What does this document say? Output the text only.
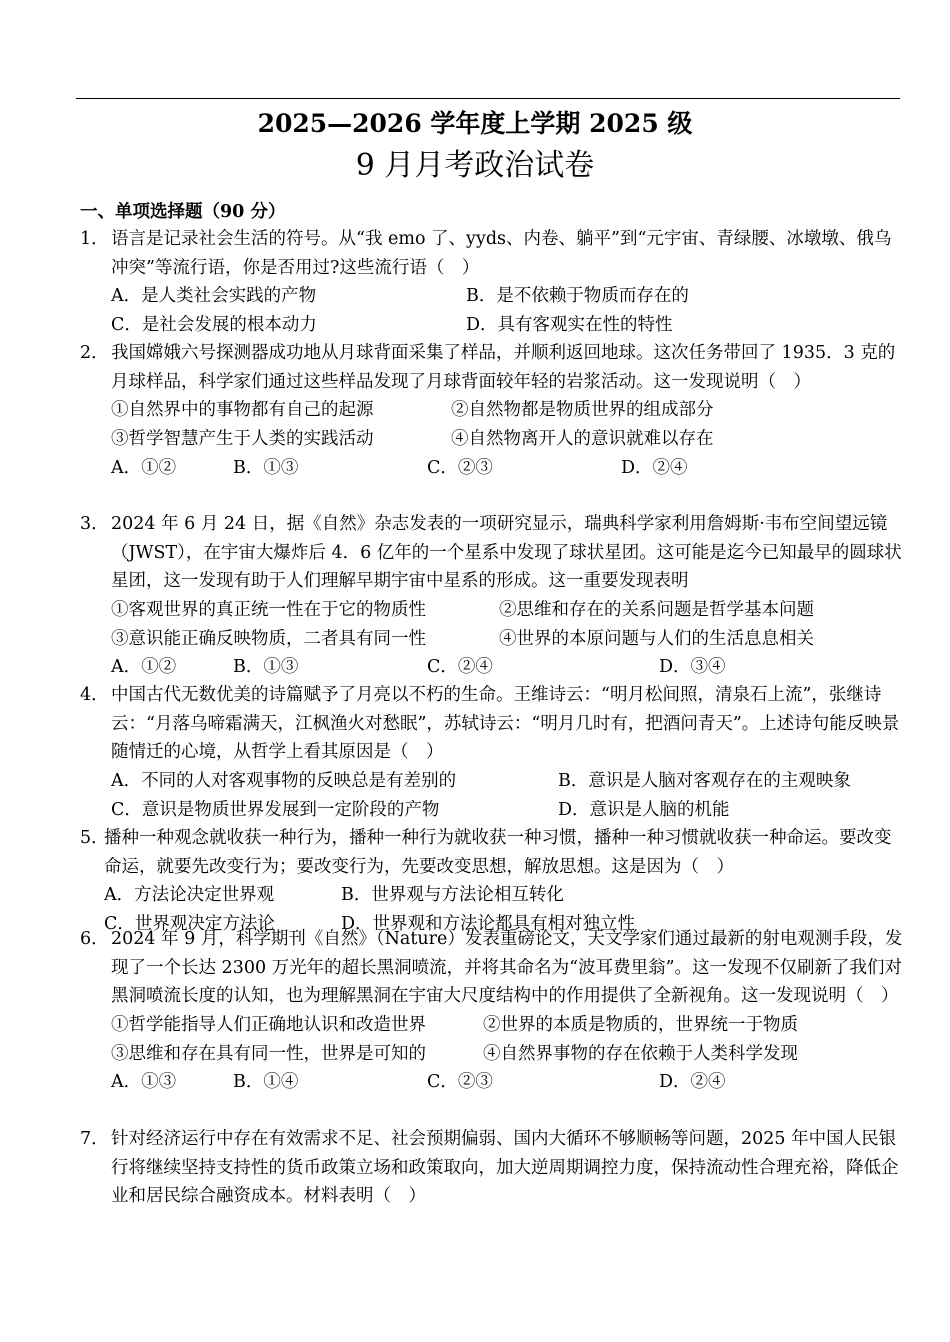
2025—2026 学年度上学期 2025 级
9 月月考政治试卷
一、单项选择题（90 分）
1． 语言是记录社会生活的符号。从“我 emo 了、yyds、内卷、躺平”到“元宇宙、青绿腰、冰墩墩、俄乌冲突”等流行语，你是否用过?这些流行语（　）
A．是人类社会实践的产物	B．是不依赖于物质而存在的
C．是社会发展的根本动力	D．具有客观实在性的特性
2． 我国嫦娥六号探测器成功地从月球背面采集了样品，并顺利返回地球。这次任务带回了 1935．3 克的月球样品，科学家们通过这些样品发现了月球背面较年轻的岩浆活动。这一发现说明（　）
①自然界中的事物都有自己的起源	②自然物都是物质世界的组成部分
③哲学智慧产生于人类的实践活动	④自然物离开人的意识就难以存在
A．①②	B．①③	C．②③	D．②④
3． 2024 年 6 月 24 日，据《自然》杂志发表的一项研究显示，瑞典科学家利用詹姆斯·韦布空间望远镜（JWST），在宇宙大爆炸后 4．6 亿年的一个星系中发现了球状星团。这可能是迄今已知最早的圆球状星团，这一发现有助于人们理解早期宇宙中星系的形成。这一重要发现表明
①客观世界的真正统一性在于它的物质性	②思维和存在的关系问题是哲学基本问题
③意识能正确反映物质，二者具有同一性	④世界的本原问题与人们的生活息息相关
A．①②	B．①③	C．②④	D．③④
4． 中国古代无数优美的诗篇赋予了月亮以不朽的生命。王维诗云：“明月松间照，清泉石上流”，张继诗云：“月落乌啼霜满天，江枫渔火对愁眠”，苏轼诗云：“明月几时有，把酒问青天”。上述诗句能反映景随情迁的心境，从哲学上看其原因是（　）
A．不同的人对客观事物的反映总是有差别的	B．意识是人脑对客观存在的主观映象
C．意识是物质世界发展到一定阶段的产物	D．意识是人脑的机能
5．
播种一种观念就收获一种行为，播种一种行为就收获一种习惯，播种一种习惯就收获一种命运。要改变命运，就要先改变行为；要改变行为，先要改变思想，解放思想。这是因为（　）
A．方法论决定世界观	B．世界观与方法论相互转化
C．世界观决定方法论	D．世界观和方法论都具有相对独立性
6． 2024 年 9 月，科学期刊《自然》（Nature）发表重磅论文，天文学家们通过最新的射电观测手段，发现了一个长达 2300 万光年的超长黑洞喷流，并将其命名为“波耳费里翁”。这一发现不仅刷新了我们对黑洞喷流长度的认知，也为理解黑洞在宇宙大尺度结构中的作用提供了全新视角。这一发现说明（　）
①哲学能指导人们正确地认识和改造世界	②世界的本质是物质的，世界统一于物质
③思维和存在具有同一性，世界是可知的	④自然界事物的存在依赖于人类科学发现
A．①③	B．①④	C．②③	D．②④
7． 针对经济运行中存在有效需求不足、社会预期偏弱、国内大循环不够顺畅等问题，2025 年中国人民银行将继续坚持支持性的货币政策立场和政策取向，加大逆周期调控力度，保持流动性合理充裕，降低企业和居民综合融资成本。材料表明（　）
